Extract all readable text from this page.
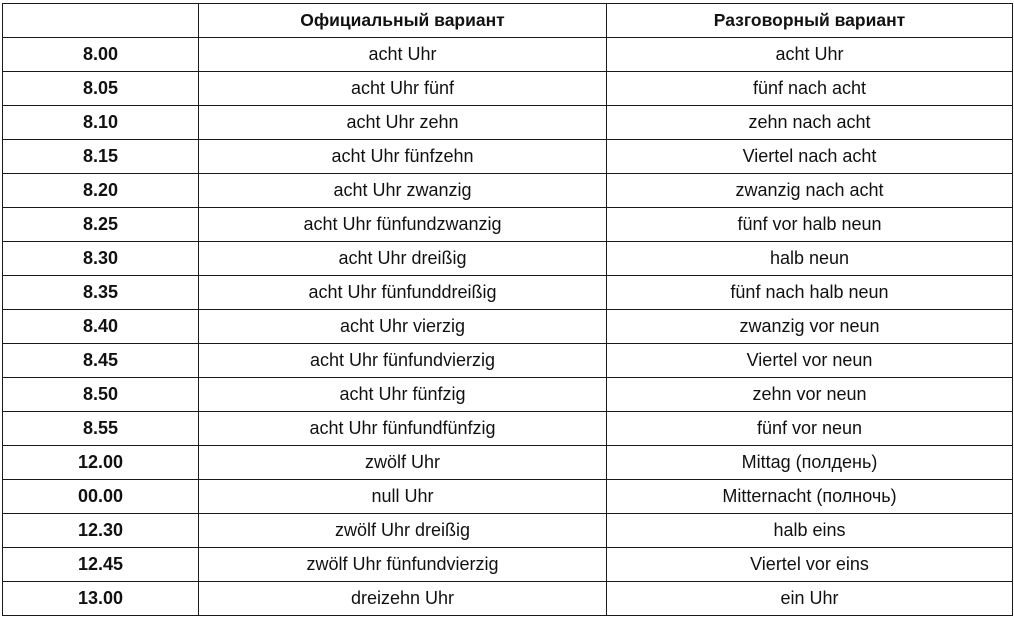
	Официальный вариант	Разговорный вариант
8.00	acht Uhr	acht Uhr
8.05	acht Uhr fünf	fünf nach acht
8.10	acht Uhr zehn	zehn nach acht
8.15	acht Uhr fünfzehn	Viertel nach acht
8.20	acht Uhr zwanzig	zwanzig nach acht
8.25	acht Uhr fünfundzwanzig	fünf vor halb neun
8.30	acht Uhr dreißig	halb neun
8.35	acht Uhr fünfunddreißig	fünf nach halb neun
8.40	acht Uhr vierzig	zwanzig vor neun
8.45	acht Uhr fünfundvierzig	Viertel vor neun
8.50	acht Uhr fünfzig	zehn vor neun
8.55	acht Uhr fünfundfünfzig	fünf vor neun
12.00	zwölf Uhr	Mittag (полдень)
00.00	null Uhr	Mitternacht (полночь)
12.30	zwölf Uhr dreißig	halb eins
12.45	zwölf Uhr fünfundvierzig	Viertel vor eins
13.00	dreizehn Uhr	ein Uhr
